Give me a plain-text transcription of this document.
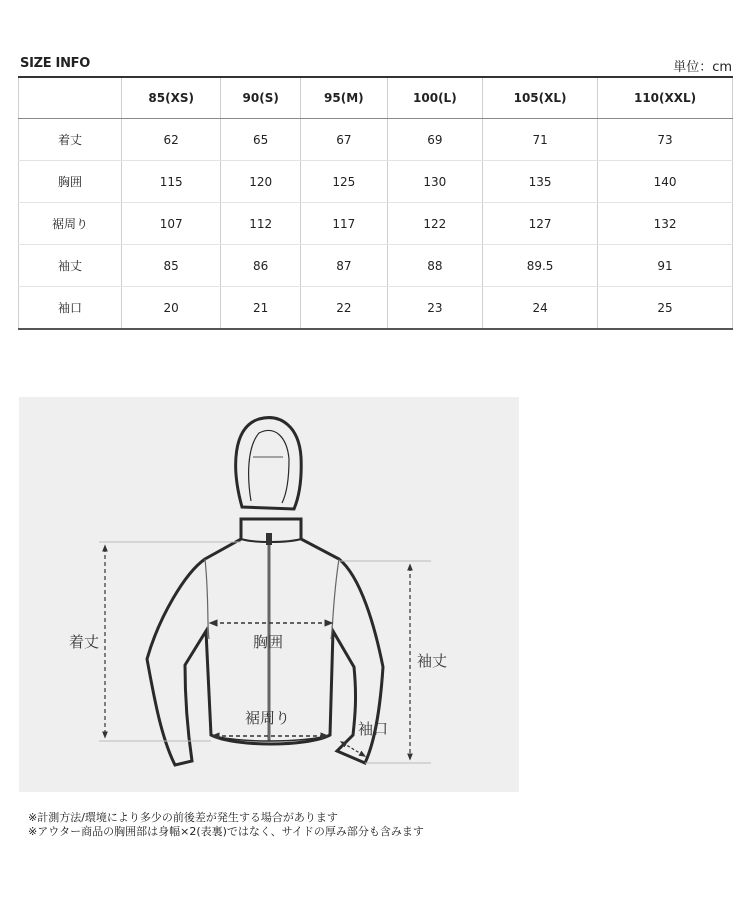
SIZE INFO	単位：cm
	85(XS)	90(S)	95(M)	100(L)	105(XL)	110(XXL)
着丈	62	65	67	69	71	73
胸囲	115	120	125	130	135	140
裾周り	107	112	117	122	127	132
袖丈	85	86	87	88	89.5	91
袖口	20	21	22	23	24	25
着丈	胸囲
裾周り
袖丈
袖口
※計測方法/環境により多少の前後差が発生する場合があります
※アウター商品の胸囲部は身幅×2(表裏)ではなく、サイドの厚み部分も含みます
